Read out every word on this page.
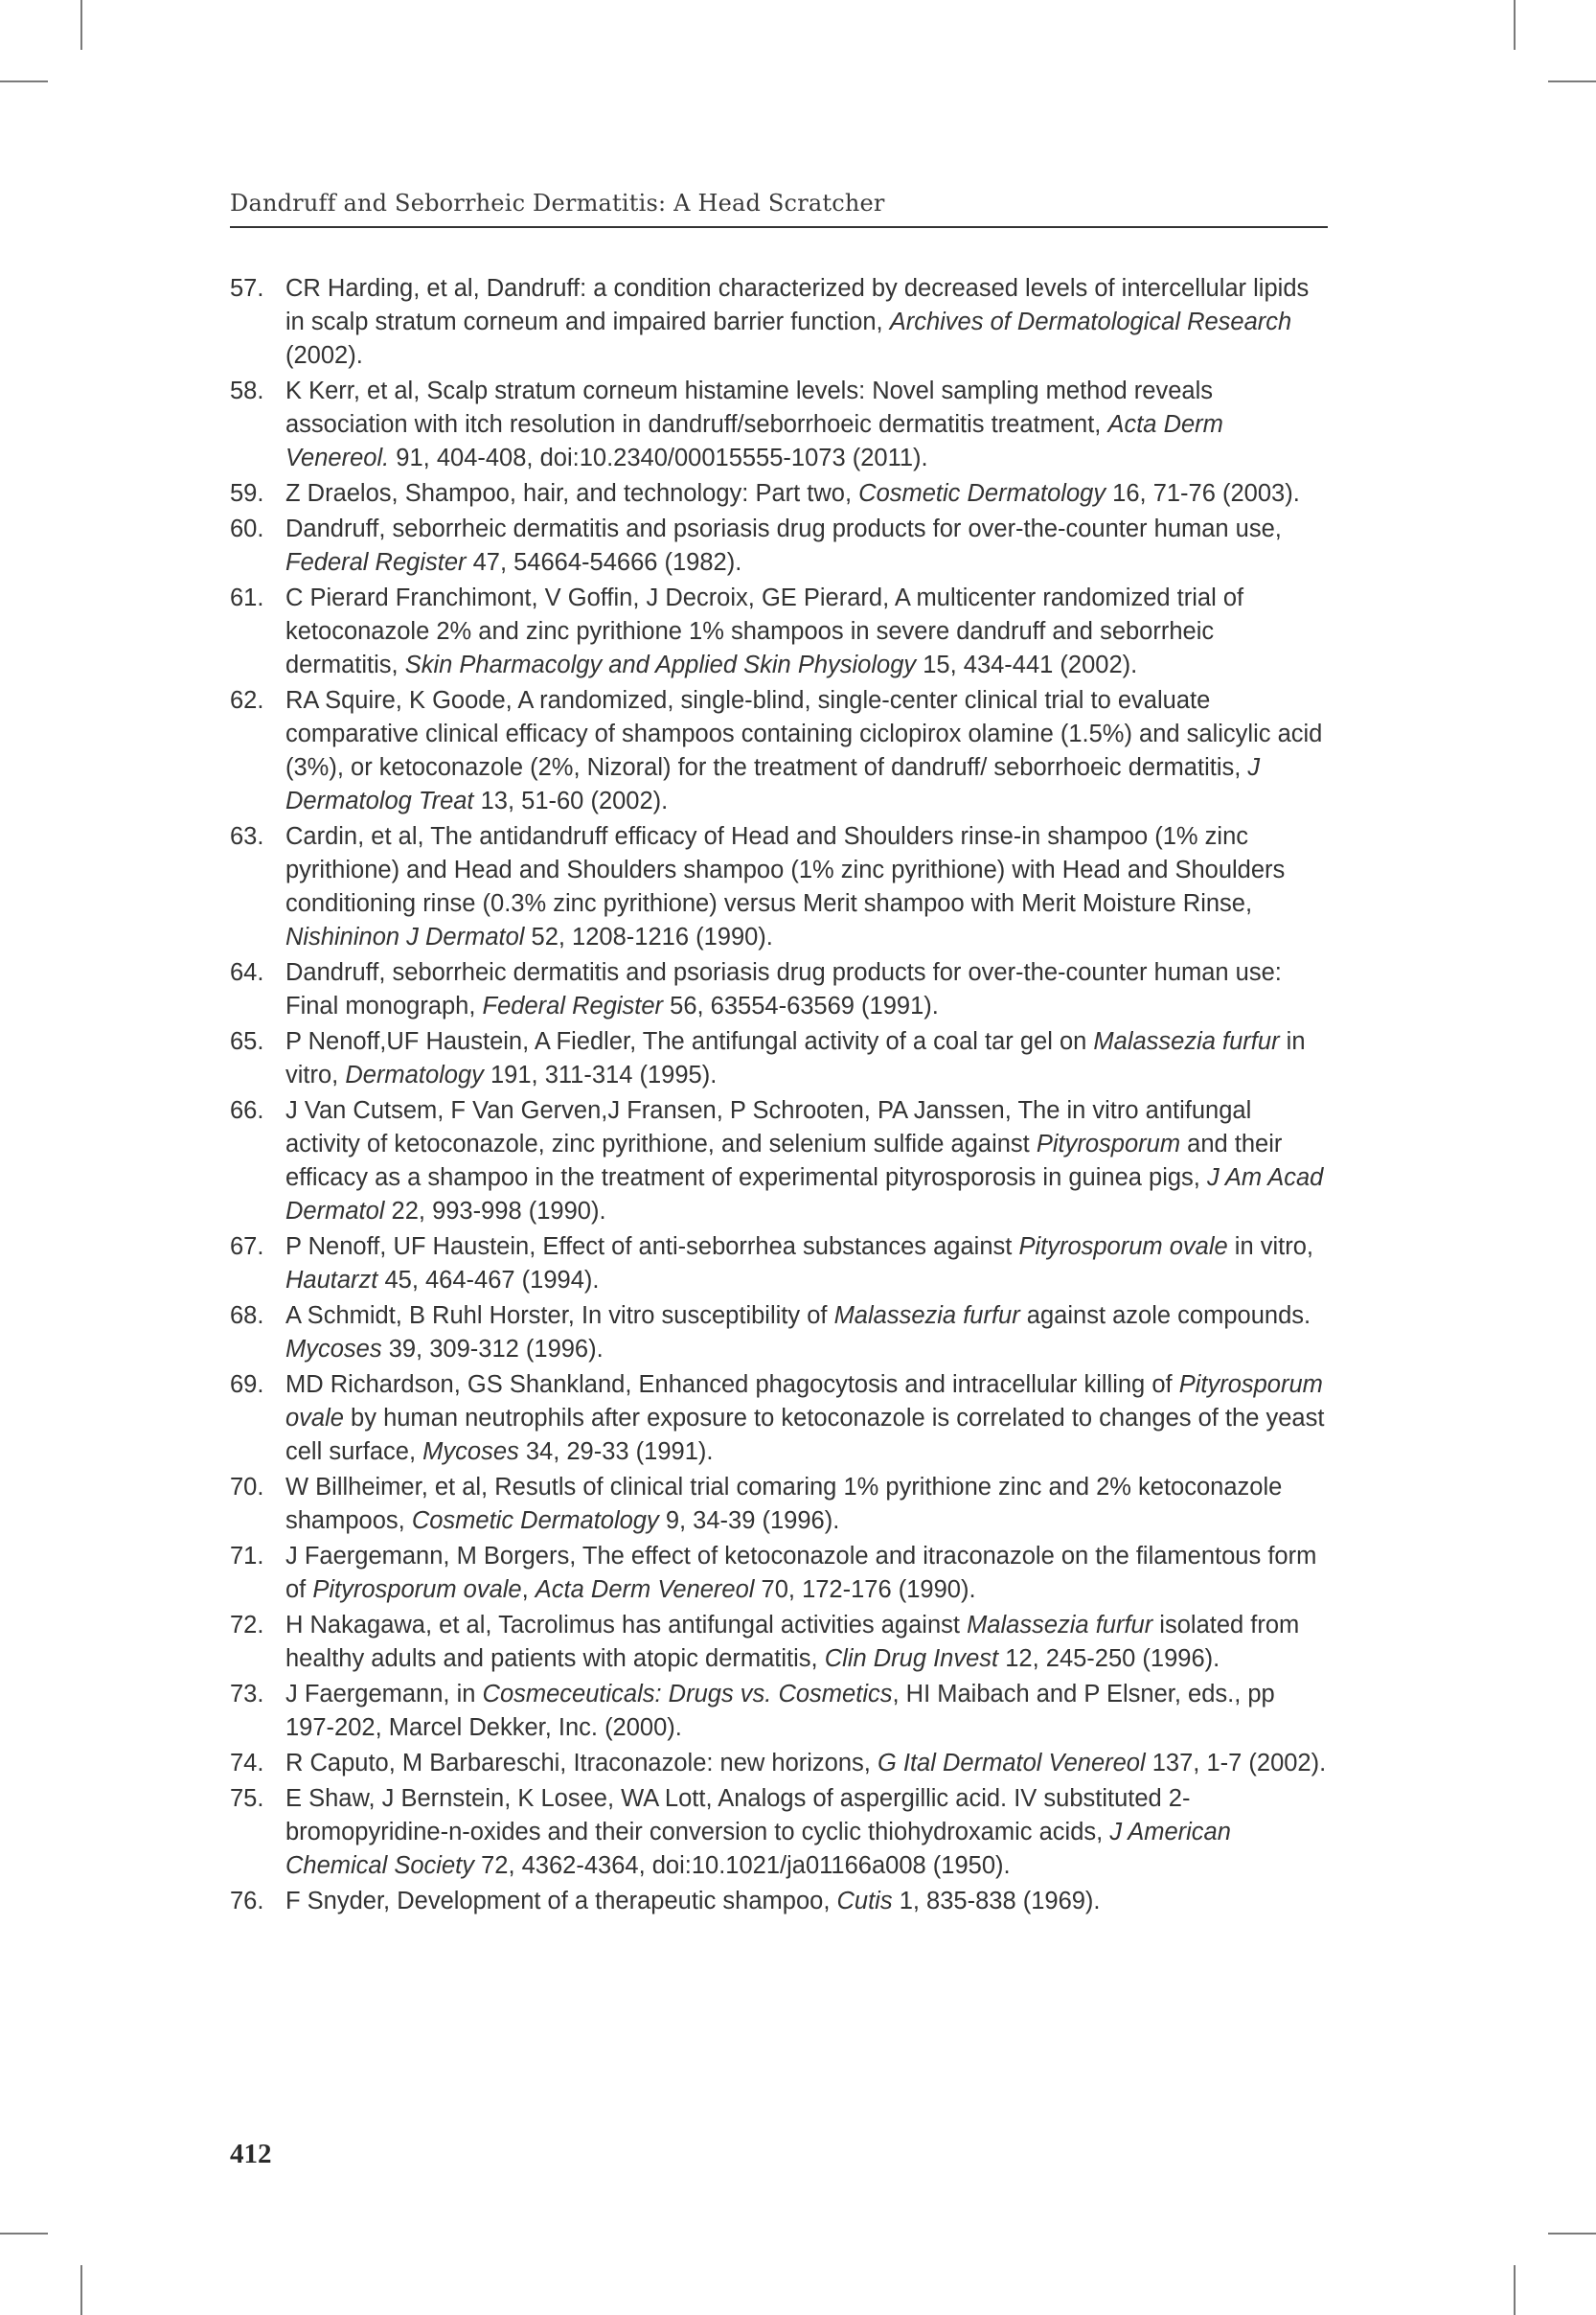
Dandruff and Seborrheic Dermatitis: A Head Scratcher
57. CR Harding, et al, Dandruff: a condition characterized by decreased levels of intercellular lipids in scalp stratum corneum and impaired barrier function, Archives of Dermatological Research (2002).
58. K Kerr, et al, Scalp stratum corneum histamine levels: Novel sampling method reveals association with itch resolution in dandruff/seborrhoeic dermatitis treatment, Acta Derm Venereol. 91, 404-408, doi:10.2340/00015555-1073 (2011).
59. Z Draelos, Shampoo, hair, and technology: Part two, Cosmetic Dermatology 16, 71-76 (2003).
60. Dandruff, seborrheic dermatitis and psoriasis drug products for over-the-counter human use, Federal Register 47, 54664-54666 (1982).
61. C Pierard Franchimont, V Goffin, J Decroix, GE Pierard, A multicenter randomized trial of ketoconazole 2% and zinc pyrithione 1% shampoos in severe dandruff and seborrheic dermatitis, Skin Pharmacolgy and Applied Skin Physiology 15, 434-441 (2002).
62. RA Squire, K Goode, A randomized, single-blind, single-center clinical trial to evaluate comparative clinical efficacy of shampoos containing ciclopirox olamine (1.5%) and salicylic acid (3%), or ketoconazole (2%, Nizoral) for the treatment of dandruff/ seborrhoeic dermatitis, J Dermatolog Treat 13, 51-60 (2002).
63. Cardin, et al, The antidandruff efficacy of Head and Shoulders rinse-in shampoo (1% zinc pyrithione) and Head and Shoulders shampoo (1% zinc pyrithione) with Head and Shoulders conditioning rinse (0.3% zinc pyrithione) versus Merit shampoo with Merit Moisture Rinse, Nishininon J Dermatol 52, 1208-1216 (1990).
64. Dandruff, seborrheic dermatitis and psoriasis drug products for over-the-counter human use: Final monograph, Federal Register 56, 63554-63569 (1991).
65. P Nenoff,UF Haustein, A Fiedler, The antifungal activity of a coal tar gel on Malassezia furfur in vitro, Dermatology 191, 311-314 (1995).
66. J Van Cutsem, F Van Gerven,J Fransen, P Schrooten, PA Janssen, The in vitro antifungal activity of ketoconazole, zinc pyrithione, and selenium sulfide against Pityrosporum and their efficacy as a shampoo in the treatment of experimental pityrosporosis in guinea pigs, J Am Acad Dermatol 22, 993-998 (1990).
67. P Nenoff, UF Haustein, Effect of anti-seborrhea substances against Pityrosporum ovale in vitro, Hautarzt 45, 464-467 (1994).
68. A Schmidt, B Ruhl Horster, In vitro susceptibility of Malassezia furfur against azole compounds. Mycoses 39, 309-312 (1996).
69. MD Richardson, GS Shankland, Enhanced phagocytosis and intracellular killing of Pityrosporum ovale by human neutrophils after exposure to ketoconazole is correlated to changes of the yeast cell surface, Mycoses 34, 29-33 (1991).
70. W Billheimer, et al, Resutls of clinical trial comaring 1% pyrithione zinc and 2% ketoconazole shampoos, Cosmetic Dermatology 9, 34-39 (1996).
71. J Faergemann, M Borgers, The effect of ketoconazole and itraconazole on the filamentous form of Pityrosporum ovale, Acta Derm Venereol 70, 172-176 (1990).
72. H Nakagawa, et al, Tacrolimus has antifungal activities against Malassezia furfur isolated from healthy adults and patients with atopic dermatitis, Clin Drug Invest 12, 245-250 (1996).
73. J Faergemann, in Cosmeceuticals: Drugs vs. Cosmetics, HI Maibach and P Elsner, eds., pp 197-202, Marcel Dekker, Inc. (2000).
74. R Caputo, M Barbareschi, Itraconazole: new horizons, G Ital Dermatol Venereol 137, 1-7 (2002).
75. E Shaw, J Bernstein, K Losee, WA Lott, Analogs of aspergillic acid. IV substituted 2-bromopyridine-n-oxides and their conversion to cyclic thiohydroxamic acids, J American Chemical Society 72, 4362-4364, doi:10.1021/ja01166a008 (1950).
76. F Snyder, Development of a therapeutic shampoo, Cutis 1, 835-838 (1969).
412
